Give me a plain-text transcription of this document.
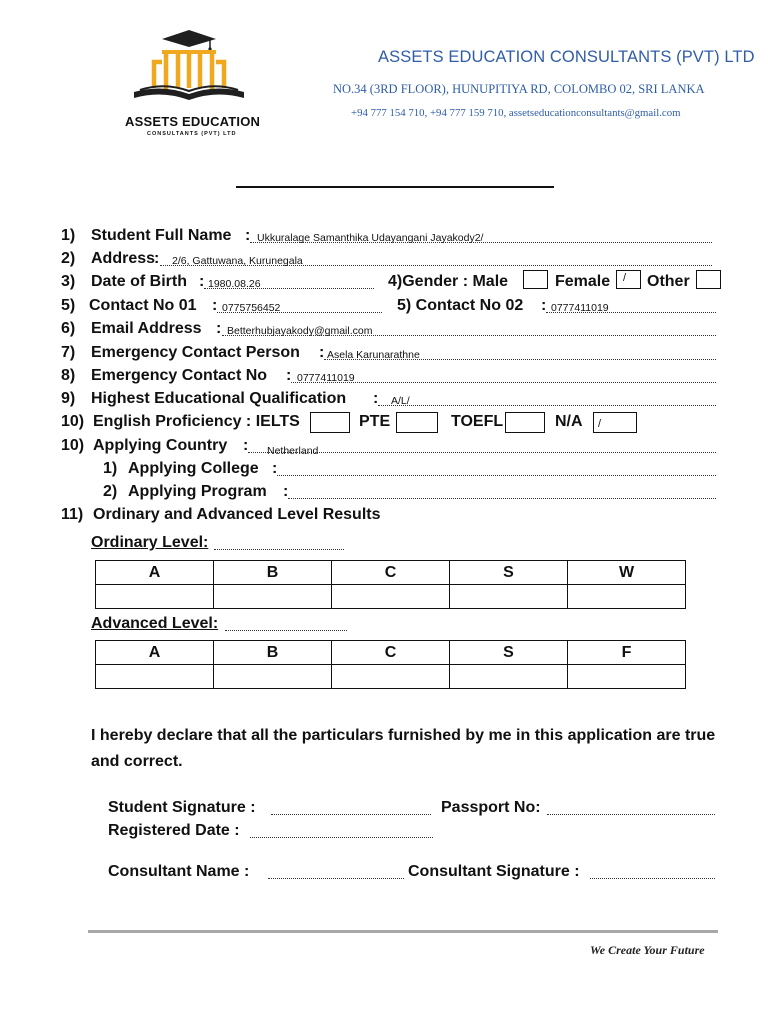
ASSETS EDUCATION
CONSULTANTS (PVT) LTD
ASSETS EDUCATION CONSULTANTS (PVT) LTD
NO.34 (3RD FLOOR), HUNUPITIYA RD, COLOMBO 02, SRI LANKA
+94 777 154 710, +94 777 159 710, assetseducationconsultants@gmail.com
1) Student Full Name : Ukkuralage Samanthika Udayangani Jayakody2/
2) Address
: 2/6, Gattuwana, Kurunegala
3) Date of Birth : 1980.08.26	4)Gender : Male	Female / Other
5) Contact No 01 : 0775756452	5) Contact No 02 : 0777411019
6) Email Address : Betterhubjayakody@gmail.com
7) Emergency Contact Person : Asela Karunarathne
8) Emergency Contact No : 0777411019
9) Highest Educational Qualification : A/L/
10) English Proficiency : IELTS	PTE	TOEFL	N/A /
10) Applying Country : Netherland
1) Applying College :
2) Applying Program :
11) Ordinary and Advanced Level Results
Ordinary Level:
A	B	C	S	W

Advanced Level:
A	B	C	S	F

I hereby declare that all the particulars furnished by me in this application are true and correct.
Student Signature :	Passport No:
Registered Date :
Consultant Name :	Consultant Signature :
We Create Your Future
